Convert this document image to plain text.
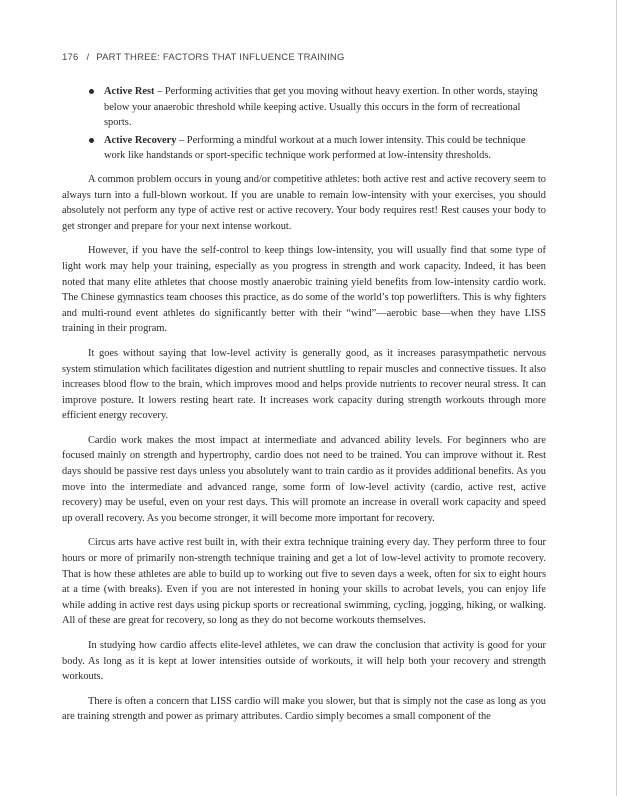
176 / PART THREE: FACTORS THAT INFLUENCE TRAINING
Active Rest – Performing activities that get you moving without heavy exertion. In other words, staying below your anaerobic threshold while keeping active. Usually this occurs in the form of recreational sports.
Active Recovery – Performing a mindful workout at a much lower intensity. This could be technique work like handstands or sport-specific technique work performed at low-intensity thresholds.

A common problem occurs in young and/or competitive athletes: both active rest and active recovery seem to always turn into a full-blown workout. If you are unable to remain low-intensity with your exercises, you should absolutely not perform any type of active rest or active recovery. Your body requires rest! Rest causes your body to get stronger and prepare for your next intense workout.

However, if you have the self-control to keep things low-intensity, you will usually find that some type of light work may help your training, especially as you progress in strength and work capacity. Indeed, it has been noted that many elite athletes that choose mostly anaerobic training yield benefits from low-intensity cardio work. The Chinese gymnastics team chooses this practice, as do some of the world’s top powerlifters. This is why fighters and multi-round event athletes do significantly better with their “wind”—aerobic base—when they have LISS training in their program.

It goes without saying that low-level activity is generally good, as it increases parasympathetic nervous system stimulation which facilitates digestion and nutrient shuttling to repair muscles and connective tissues. It also increases blood flow to the brain, which improves mood and helps provide nutrients to recover neural stress. It can improve posture. It lowers resting heart rate. It increases work capacity during strength workouts through more efficient energy recovery.

Cardio work makes the most impact at intermediate and advanced ability levels. For beginners who are focused mainly on strength and hypertrophy, cardio does not need to be trained. You can improve without it. Rest days should be passive rest days unless you absolutely want to train cardio as it provides additional benefits. As you move into the intermediate and advanced range, some form of low-level activity (cardio, active rest, active recovery) may be useful, even on your rest days. This will promote an increase in overall work capacity and speed up overall recovery. As you become stronger, it will become more important for recovery.

Circus arts have active rest built in, with their extra technique training every day. They perform three to four hours or more of primarily non-strength technique training and get a lot of low-level activity to promote recovery. That is how these athletes are able to build up to working out five to seven days a week, often for six to eight hours at a time (with breaks). Even if you are not interested in honing your skills to acrobat levels, you can enjoy life while adding in active rest days using pickup sports or recreational swimming, cycling, jogging, hiking, or walking. All of these are great for recovery, so long as they do not become workouts themselves.

In studying how cardio affects elite-level athletes, we can draw the conclusion that activity is good for your body. As long as it is kept at lower intensities outside of workouts, it will help both your recovery and strength workouts.

There is often a concern that LISS cardio will make you slower, but that is simply not the case as long as you are training strength and power as primary attributes. Cardio simply becomes a small component of the
